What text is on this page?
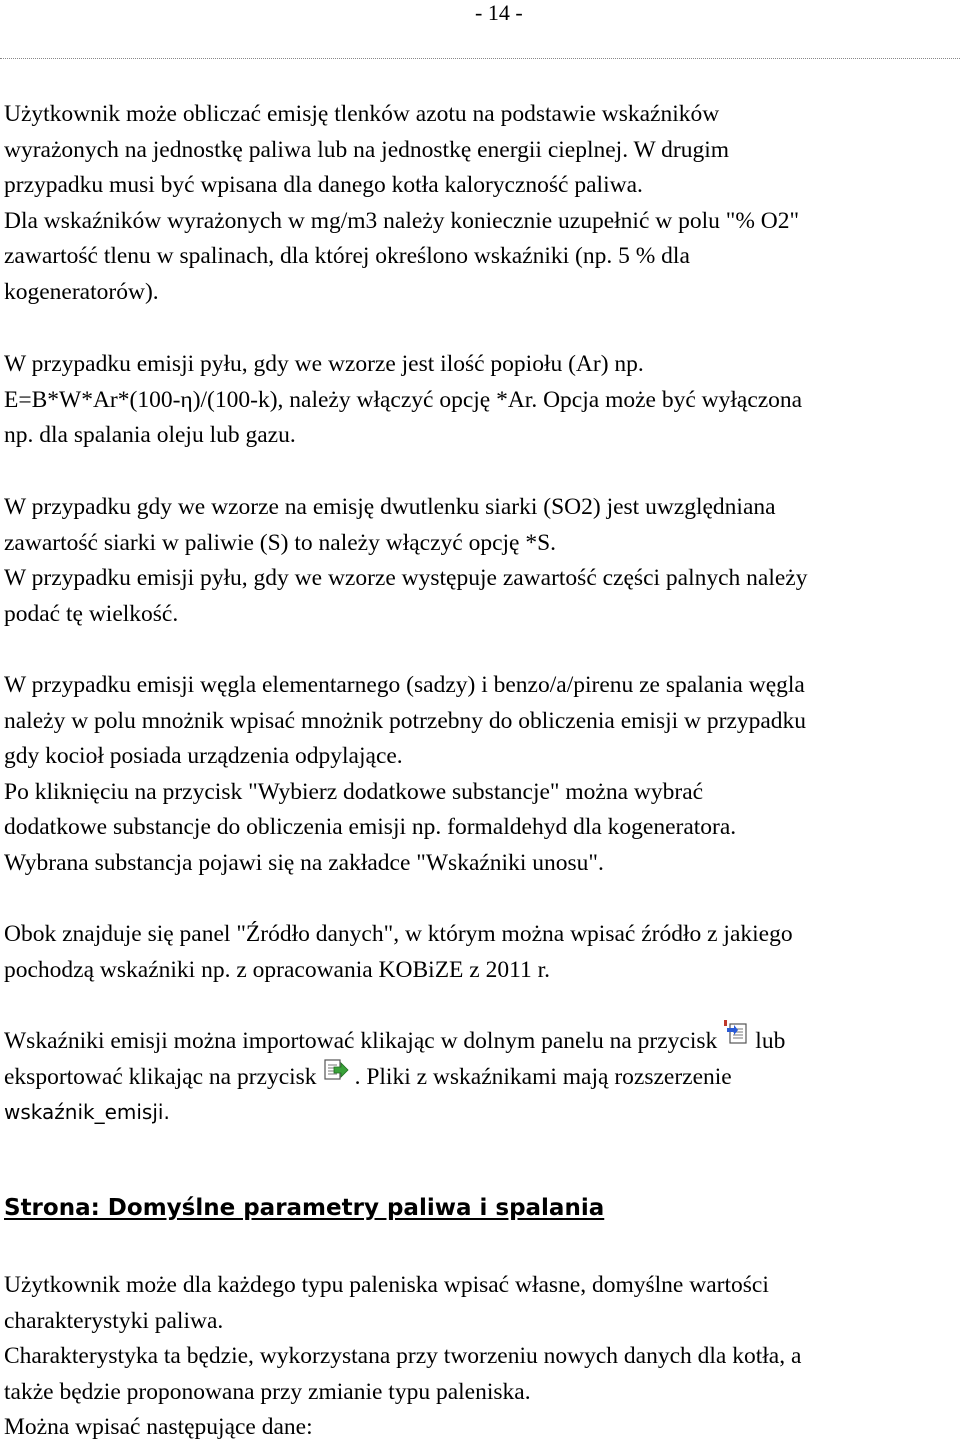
- 14 -

Użytkownik może obliczać emisję tlenków azotu na podstawie wskaźników
wyrażonych na jednostkę paliwa lub na jednostkę energii cieplnej. W drugim
przypadku musi być wpisana dla danego kotła kaloryczność paliwa.
Dla wskaźników wyrażonych w mg/m3 należy koniecznie uzupełnić w polu "% O2"
zawartość tlenu w spalinach, dla której określono wskaźniki (np. 5 % dla
kogeneratorów).

W przypadku emisji pyłu, gdy we wzorze jest ilość popiołu (Ar) np.
E=B*W*Ar*(100-η)/(100-k), należy włączyć opcję *Ar. Opcja może być wyłączona
np. dla spalania oleju lub gazu.

W przypadku gdy we wzorze na emisję dwutlenku siarki (SO2) jest uwzględniana
zawartość siarki w paliwie (S) to należy włączyć opcję *S.
W przypadku emisji pyłu, gdy we wzorze występuje zawartość części palnych należy
podać tę wielkość.

W przypadku emisji węgla elementarnego (sadzy) i benzo/a/pirenu ze spalania węgla
należy w polu mnożnik wpisać mnożnik potrzebny do obliczenia emisji w przypadku
gdy kocioł posiada urządzenia odpylające.
Po kliknięciu na przycisk "Wybierz dodatkowe substancje" można wybrać
dodatkowe substancje do obliczenia emisji np. formaldehyd dla kogeneratora.
Wybrana substancja pojawi się na zakładce "Wskaźniki unosu".

Obok znajduje się panel "Źródło danych", w którym można wpisać źródło z jakiego
pochodzą wskaźniki np. z opracowania KOBiZE z 2011 r.

Wskaźniki emisji można importować klikając w dolnym panelu na przycisk lub
eksportować klikając na przycisk . Pliki z wskaźnikami mają rozszerzenie
wskaźnik_emisji.

Strona: Domyślne parametry paliwa i spalania

Użytkownik może dla każdego typu paleniska wpisać własne, domyślne wartości
charakterystyki paliwa.
Charakterystyka ta będzie, wykorzystana przy tworzeniu nowych danych dla kotła, a
także będzie proponowana przy zmianie typu paleniska.
Można wpisać następujące dane:
